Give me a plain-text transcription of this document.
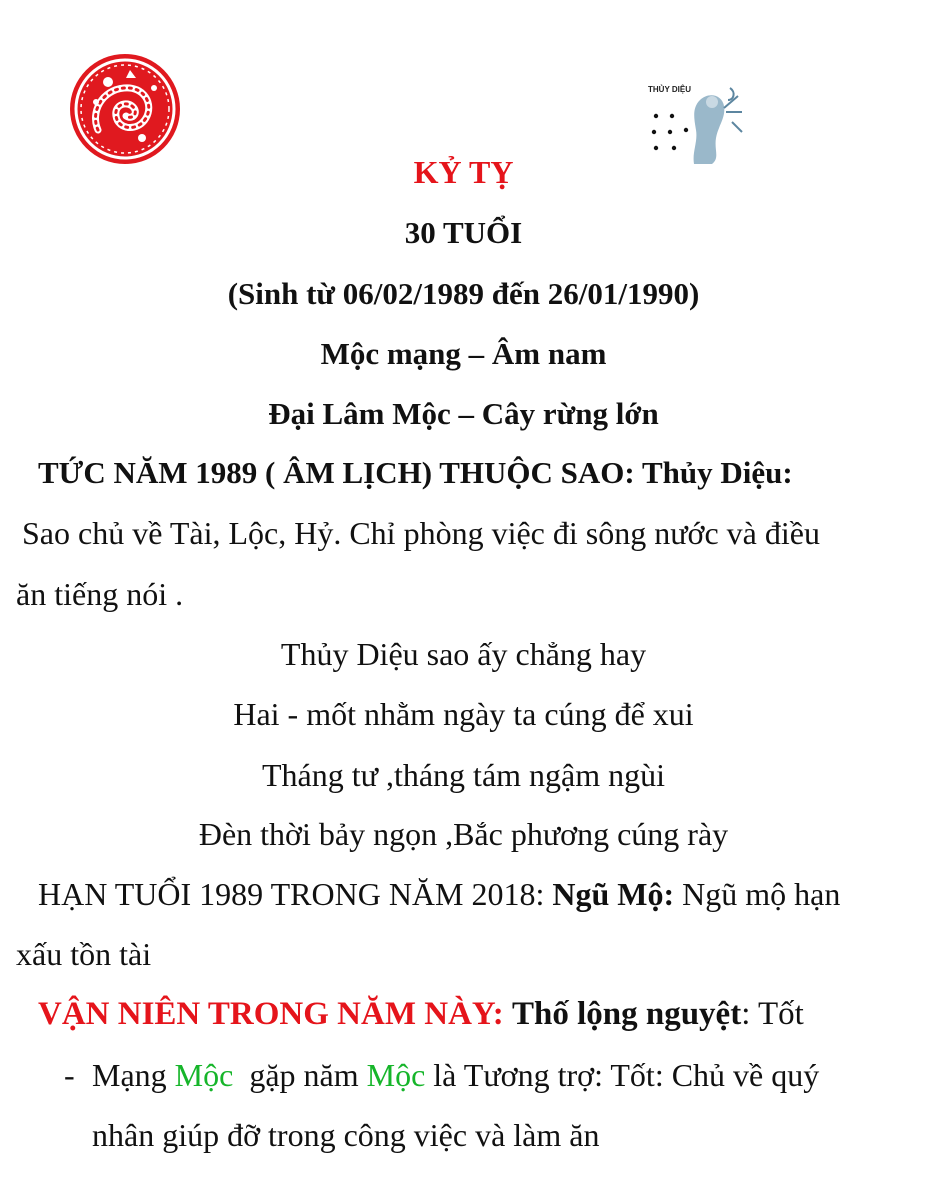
THỦY DIỆU
KỶ TỴ
30 TUỔI
(Sinh từ 06/02/1989 đến 26/01/1990)
Mộc mạng – Âm nam
Đại Lâm Mộc – Cây rừng lớn
TỨC NĂM 1989 ( ÂM LỊCH) THUỘC SAO: Thủy Diệu:
Sao chủ về Tài, Lộc, Hỷ. Chỉ phòng việc đi sông nước và điều
ăn tiếng nói .
Thủy Diệu sao ấy chẳng hay
Hai - mốt nhằm ngày ta cúng để xui
Tháng tư ,tháng tám ngậm ngùi
Đèn thời bảy ngọn ,Bắc phương cúng rày
HẠN TUỔI 1989 TRONG NĂM 2018: Ngũ Mộ: Ngũ mộ hạn
xấu tồn tài
VẬN NIÊN TRONG NĂM NÀY: Thố lộng nguyệt: Tốt
- Mạng Mộc gặp năm Mộc là Tương trợ: Tốt: Chủ về quý
nhân giúp đỡ trong công việc và làm ăn
